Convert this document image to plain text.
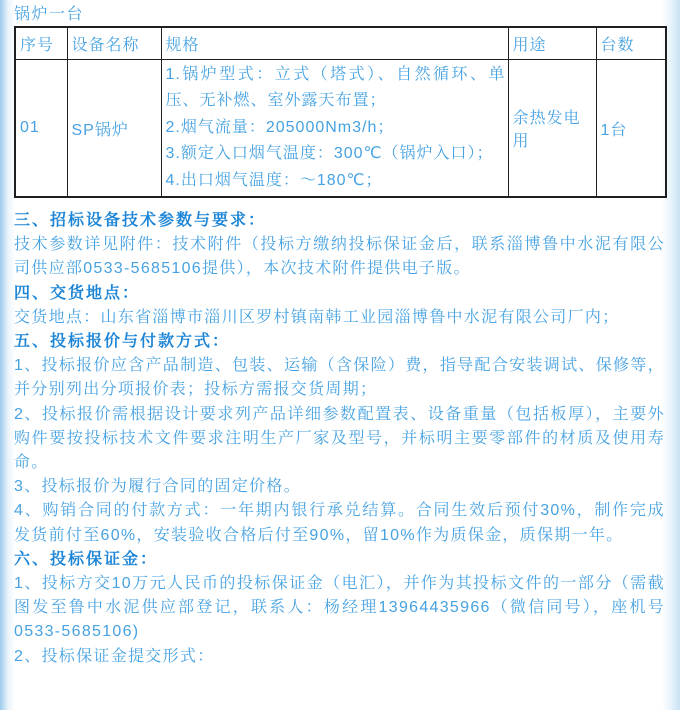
锅炉一台

序号	设备名称	规格	用途	台数
01	SP锅炉	1.锅炉型式：立式（塔式）、自然循环、单压、无补燃、室外露天布置；
2.烟气流量：205000Nm3/h；
3.额定入口烟气温度：300℃（锅炉入口）；
4.出口烟气温度：～180℃；	余热发电用	1台
三、招标设备技术参数与要求：

技术参数详见附件：技术附件（投标方缴纳投标保证金后，联系淄博鲁中水泥有限公司供应部0533-5685106提供），本次技术附件提供电子版。

四、交货地点：

交货地点：山东省淄博市淄川区罗村镇南韩工业园淄博鲁中水泥有限公司厂内；

五、投标报价与付款方式：

1、投标报价应含产品制造、包装、运输（含保险）费，指导配合安装调试、保修等，并分别列出分项报价表；投标方需报交货周期；

2、投标报价需根据设计要求列产品详细参数配置表、设备重量（包括板厚），主要外购件要按投标技术文件要求注明生产厂家及型号，并标明主要零部件的材质及使用寿命。

3、投标报价为履行合同的固定价格。

4、购销合同的付款方式：一年期内银行承兑结算。合同生效后预付30%，制作完成发货前付至60%，安装验收合格后付至90%，留10%作为质保金，质保期一年。

六、投标保证金：

1、投标方交10万元人民币的投标保证金（电汇），并作为其投标文件的一部分（需截图发至鲁中水泥供应部登记，联系人：杨经理13964435966（微信同号），座机号0533-5685106)

2、投标保证金提交形式：
